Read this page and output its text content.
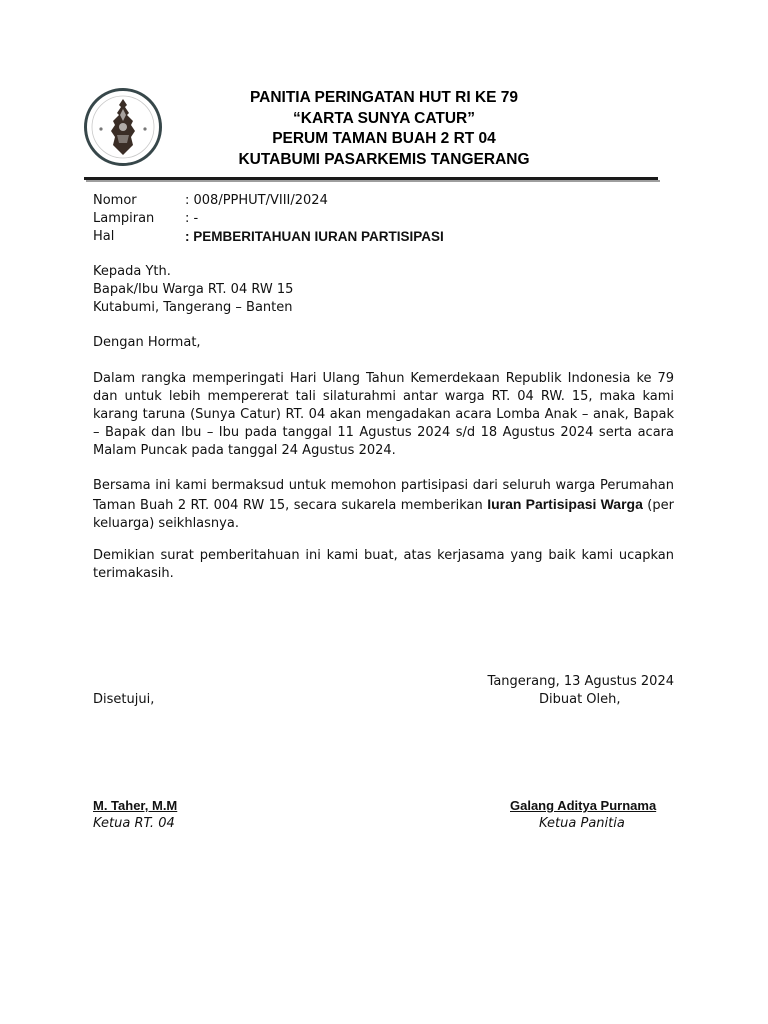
PANITIA PERINGATAN HUT RI KE 79
“KARTA SUNYA CATUR”
PERUM TAMAN BUAH 2 RT 04
KUTABUMI PASARKEMIS TANGERANG
Nomor	: 008/PPHUT/VIII/2024
Lampiran : -
Hal	: PEMBERITAHUAN IURAN PARTISIPASI
Kepada Yth.
Bapak/Ibu Warga RT. 04 RW 15
Kutabumi, Tangerang – Banten
Dengan Hormat,
Dalam rangka memperingati Hari Ulang Tahun Kemerdekaan Republik Indonesia ke 79 dan untuk lebih mempererat tali silaturahmi antar warga RT. 04 RW. 15, maka kami karang taruna (Sunya Catur) RT. 04 akan mengadakan acara Lomba Anak – anak, Bapak – Bapak dan Ibu – Ibu pada tanggal 11 Agustus 2024 s/d 18 Agustus 2024 serta acara Malam Puncak pada tanggal 24 Agustus 2024.
Bersama ini kami bermaksud untuk memohon partisipasi dari seluruh warga Perumahan Taman Buah 2 RT. 004 RW 15, secara sukarela memberikan Iuran Partisipasi Warga (per keluarga) seikhlasnya.
Demikian surat pemberitahuan ini kami buat, atas kerjasama yang baik kami ucapkan terimakasih.
Tangerang, 13 Agustus 2024
Disetujui,	Dibuat Oleh,
M. Taher, M.M
Ketua RT. 04
Galang Aditya Purnama
Ketua Panitia
